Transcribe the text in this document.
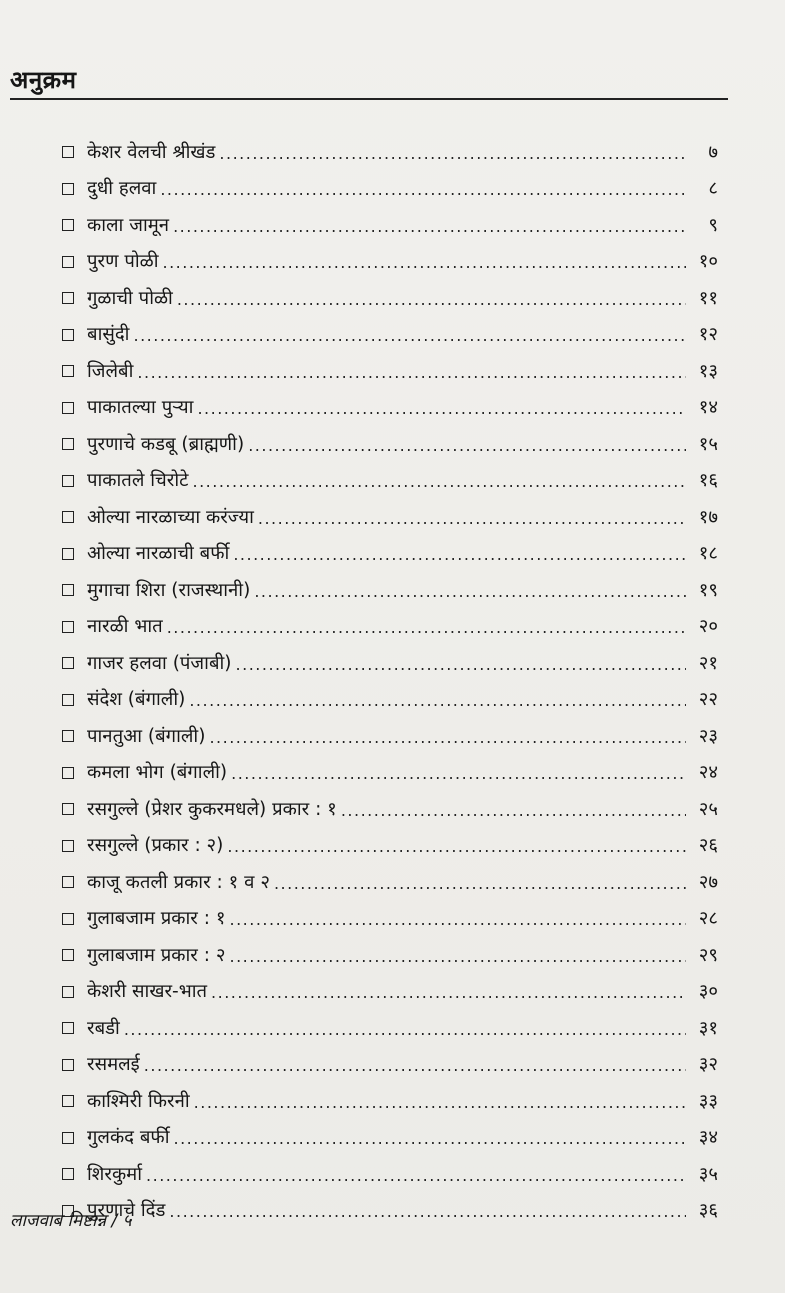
अनुक्रम
केशर वेलची श्रीखंड .....	७
दुधी हलवा .....	८
काला जामून .....	९
पुरण पोळी .....	१०
गुळाची पोळी .....	११
बासुंदी .....	१२
जिलेबी .....	१३
पाकातल्या पुऱ्या .....	१४
पुरणाचे कडबू (ब्राह्मणी) .....	१५
पाकातले चिरोटे .....	१६
ओल्या नारळाच्या करंज्या .....	१७
ओल्या नारळाची बर्फी .....	१८
मुगाचा शिरा (राजस्थानी) .....	१९
नारळी भात .....	२०
गाजर हलवा (पंजाबी) .....	२१
संदेश (बंगाली) .....	२२
पानतुआ (बंगाली) .....	२३
कमला भोग (बंगाली) .....	२४
रसगुल्ले (प्रेशर कुकरमधले) प्रकार : १ .....	२५
रसगुल्ले (प्रकार : २) .....	२६
काजू कतली प्रकार : १ व २ .....	२७
गुलाबजाम प्रकार : १ .....	२८
गुलाबजाम प्रकार : २ .....	२९
केशरी साखर-भात .....	३०
रबडी .....	३१
रसमलई .....	३२
काश्मिरी फिरनी .....	३३
गुलकंद बर्फी .....	३४
शिरकुर्मा .....	३५
पुरणाचे दिंड .....	३६
लाजवाब मिष्टान्न / ५
